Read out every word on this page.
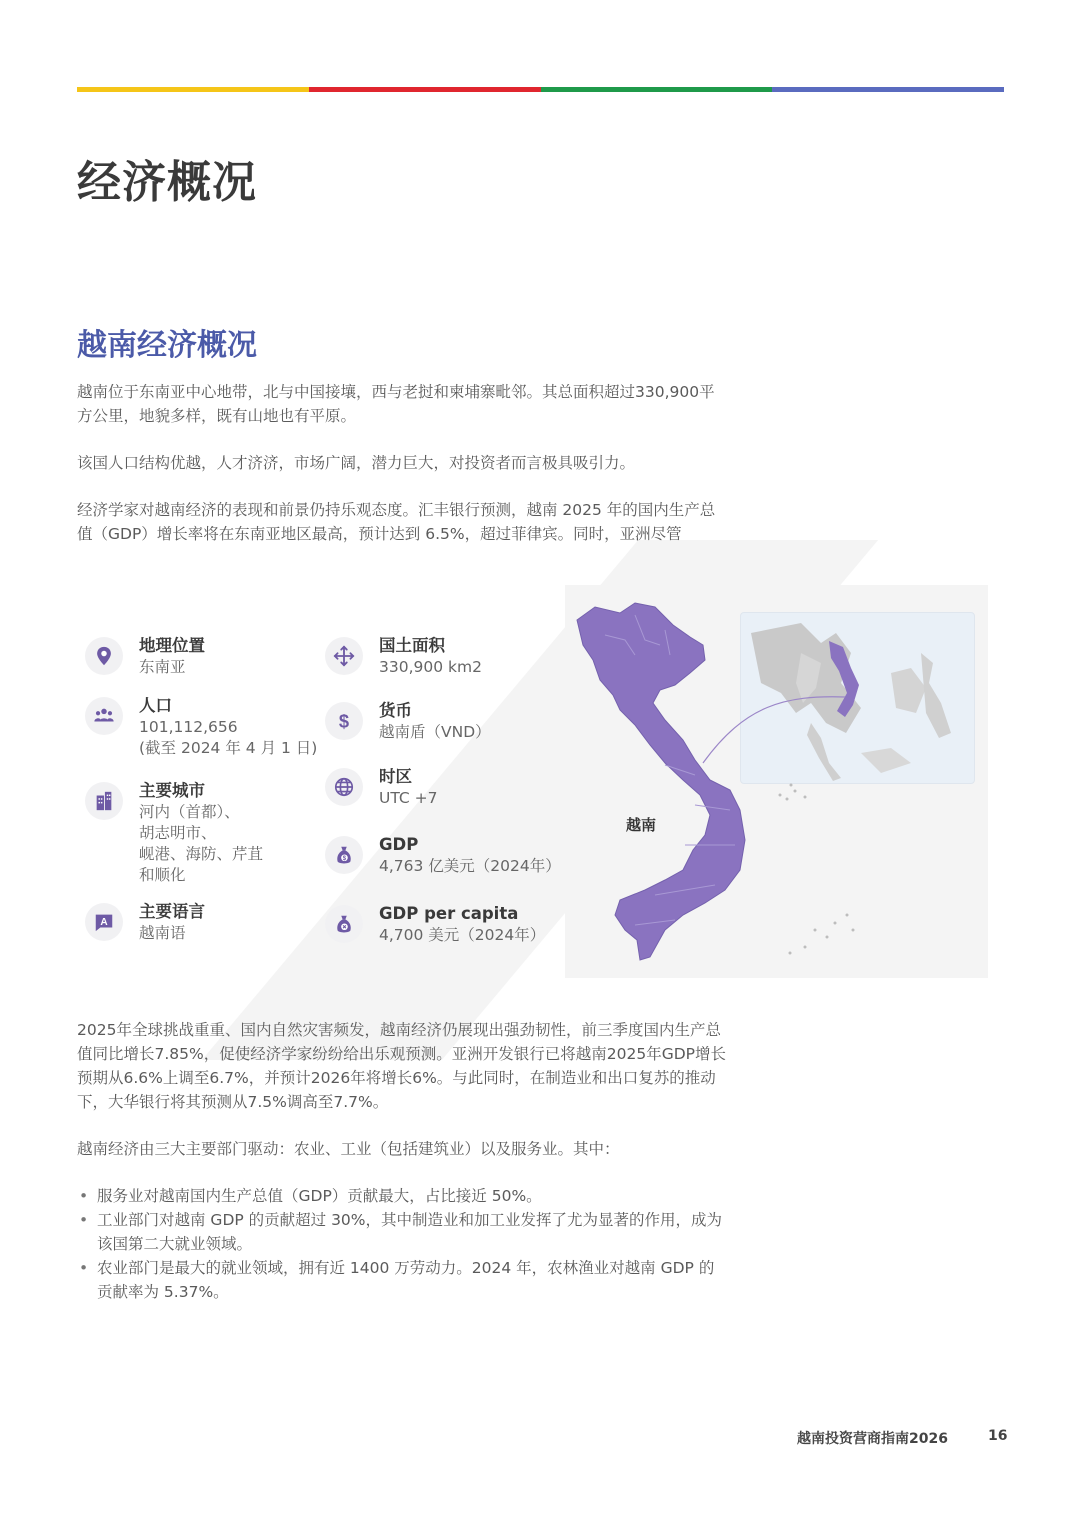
经济概况
越南经济概况

越南位于东南亚中心地带，北与中国接壤，西与老挝和柬埔寨毗邻。其总面积超过330,900平方公里，地貌多样，既有山地也有平原。

该国人口结构优越，人才济济，市场广阔，潜力巨大，对投资者而言极具吸引力。

经济学家对越南经济的表现和前景仍持乐观态度。汇丰银行预测，越南 2025 年的国内生产总值（GDP）增长率将在东南亚地区最高，预计达到 6.5%，超过菲律宾。同时，亚洲尽管

越南
地理位置
东南亚
人口
101,112,656
(截至 2024 年 4 月 1 日)
主要城市
河内（首都）、
胡志明市、
岘港、海防、芹苴
和顺化
A
主要语言
越南语
国土面积
330,900 km2
$ 货币
越南盾（VND）
时区
UTC +7
$
GDP
4,763 亿美元（2024年）
GDP per capita
4,700 美元（2024年）

2025年全球挑战重重、国内自然灾害频发，越南经济仍展现出强劲韧性，前三季度国内生产总值同比增长7.85%，促使经济学家纷纷给出乐观预测。亚洲开发银行已将越南2025年GDP增长预期从6.6%上调至6.7%，并预计2026年将增长6%。与此同时，在制造业和出口复苏的推动下，大华银行将其预测从7.5%调高至7.7%。

越南经济由三大主要部门驱动：农业、工业（包括建筑业）以及服务业。其中：

• 服务业对越南国内生产总值（GDP）贡献最大，占比接近 50%。
• 工业部门对越南 GDP 的贡献超过 30%，其中制造业和加工业发挥了尤为显著的作用，成为该国第二大就业领域。
• 农业部门是最大的就业领域，拥有近 1400 万劳动力。2024 年，农林渔业对越南 GDP 的贡献率为 5.37%。
越南投资营商指南2026	16
